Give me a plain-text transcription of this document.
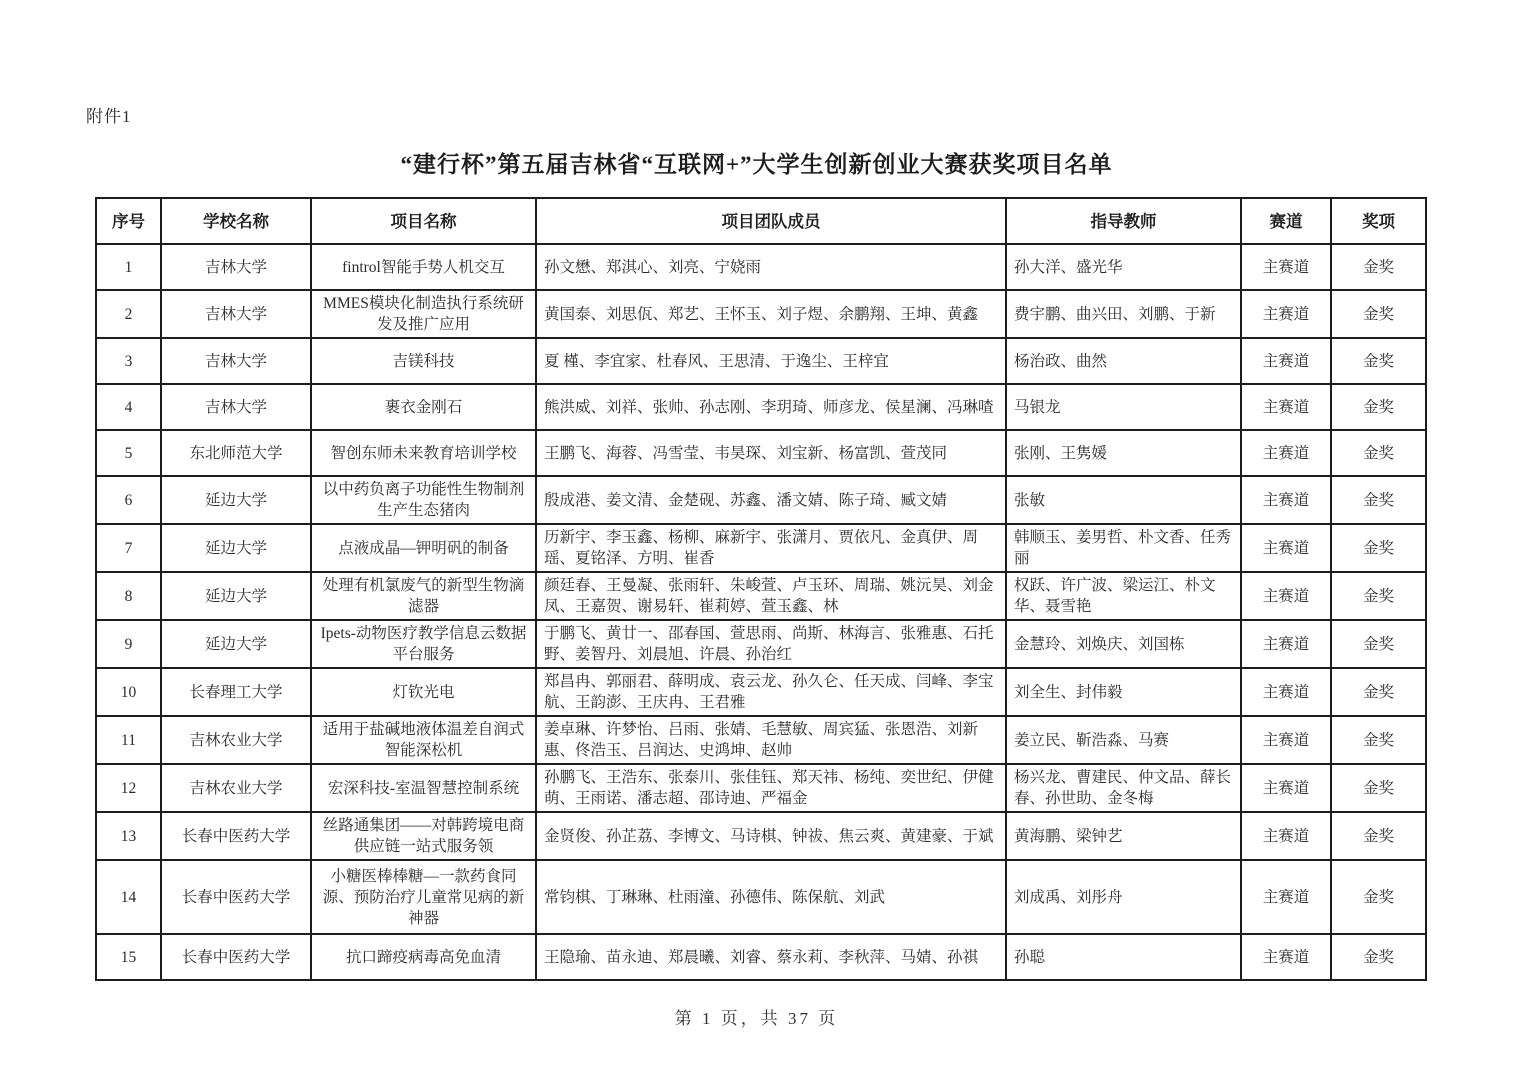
附件1
“建行杯”第五届吉林省“互联网+”大学生创新创业大赛获奖项目名单
序号	学校名称	项目名称	项目团队成员	指导教师	赛道	奖项
1	吉林大学	fintrol智能手势人机交互	孙文懋、郑淇心、刘亮、宁娆雨	孙大洋、盛光华	主赛道	金奖
2	吉林大学	MMES模块化制造执行系统研发及推广应用	黄国泰、刘思佤、郑艺、王怀玉、刘子煜、余鹏翔、王坤、黄鑫	费宇鹏、曲兴田、刘鹏、于新	主赛道	金奖
3	吉林大学	吉镁科技	夏 槿、李宜家、杜春风、王思清、于逸尘、王梓宜	杨治政、曲然	主赛道	金奖
4	吉林大学	裹衣金刚石	熊洪威、刘祥、张帅、孙志刚、李玥琦、师彦龙、侯星澜、冯琳喳	马银龙	主赛道	金奖
5	东北师范大学	智创东师未来教育培训学校	王鹏飞、海蓉、冯雪莹、韦昊琛、刘宝新、杨富凯、萱茂同	张刚、王隽媛	主赛道	金奖
6	延边大学	以中药负离子功能性生物制剂生产生态猪肉	殷成港、姜文清、金楚砚、苏鑫、潘文婧、陈子琦、臧文婧	张敏	主赛道	金奖
7	延边大学	点液成晶—钾明矾的制备	历新宇、李玉鑫、杨柳、麻新宇、张潇月、贾依凡、金真伊、周瑶、夏铭泽、方明、崔香	韩顺玉、姜男哲、朴文香、任秀丽	主赛道	金奖
8	延边大学	处理有机氯废气的新型生物滴滤器	颜廷春、王曼凝、张雨轩、朱峻萱、卢玉环、周瑞、姚沅昊、刘金凤、王嘉贺、谢易轩、崔莉婷、萱玉鑫、林	权跃、许广波、梁运江、朴文华、聂雪艳	主赛道	金奖
9	延边大学	Ipets-动物医疗教学信息云数据平台服务	于鹏飞、黄廿一、邵春国、萱思雨、尚斯、林海言、张雅惠、石托野、姜智丹、刘晨旭、许晨、孙治红	金慧玲、刘焕庆、刘国栋	主赛道	金奖
10	长春理工大学	灯钦光电	郑昌冉、郭丽君、薛明成、袁云龙、孙久仑、任天成、闫峰、李宝航、王韵澎、王庆冉、王君雅	刘全生、封伟毅	主赛道	金奖
11	吉林农业大学	适用于盐碱地液体温差自润式智能深松机	姜卓琳、许梦怡、吕雨、张婧、毛慧敏、周宾猛、张恩浩、刘新惠、佟浩玉、吕润达、史鸿坤、赵帅	姜立民、靳浩淼、马赛	主赛道	金奖
12	吉林农业大学	宏深科技-室温智慧控制系统	孙鹏飞、王浩东、张泰川、张佳钰、郑天祎、杨纯、奕世纪、伊健萌、王雨诺、潘志超、邵诗迪、严福金	杨兴龙、曹建民、仲文品、薛长春、孙世助、金冬梅	主赛道	金奖
13	长春中医药大学	丝路通集团——对韩跨境电商供应链一站式服务领	金贤俊、孙芷荔、李博文、马诗棋、钟祓、焦云爽、黄建豪、于斌	黄海鹏、梁钟艺	主赛道	金奖
14	长春中医药大学	小糖医棒棒糖—一款药食同源、预防治疗儿童常见病的新神器	常钧棋、丁琳琳、杜雨潼、孙德伟、陈保航、刘武	刘成禹、刘彤舟	主赛道	金奖
15	长春中医药大学	抗口蹄疫病毒高免血清	王隐瑜、苗永迪、郑晨曦、刘睿、蔡永莉、李秋萍、马婧、孙祺	孙聪	主赛道	金奖
第 1 页，共 37 页
